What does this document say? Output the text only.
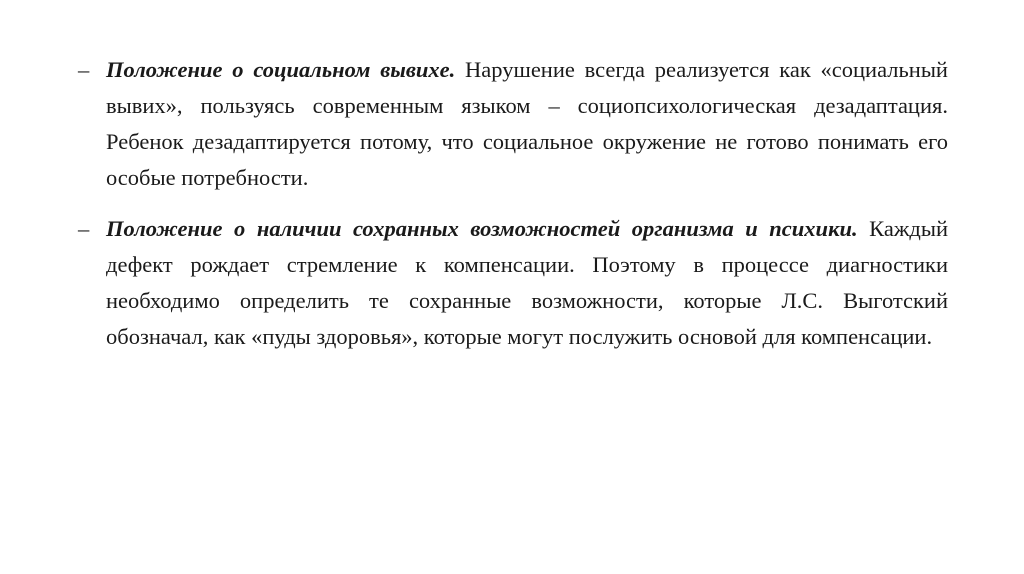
– Положение о социальном вывихе. Нарушение всегда реализуется как «социальный вывих», пользуясь современным языком – социопсихологическая дезадаптация. Ребенок дезадаптируется потому, что социальное окружение не готово понимать его особые потребности.
– Положение о наличии сохранных возможностей организма и психики. Каждый дефект рождает стремление к компенсации. Поэтому в процессе диагностики необходимо определить те сохранные возможности, которые Л.С. Выготский обозначал, как «пуды здоровья», которые могут послужить основой для компенсации.
